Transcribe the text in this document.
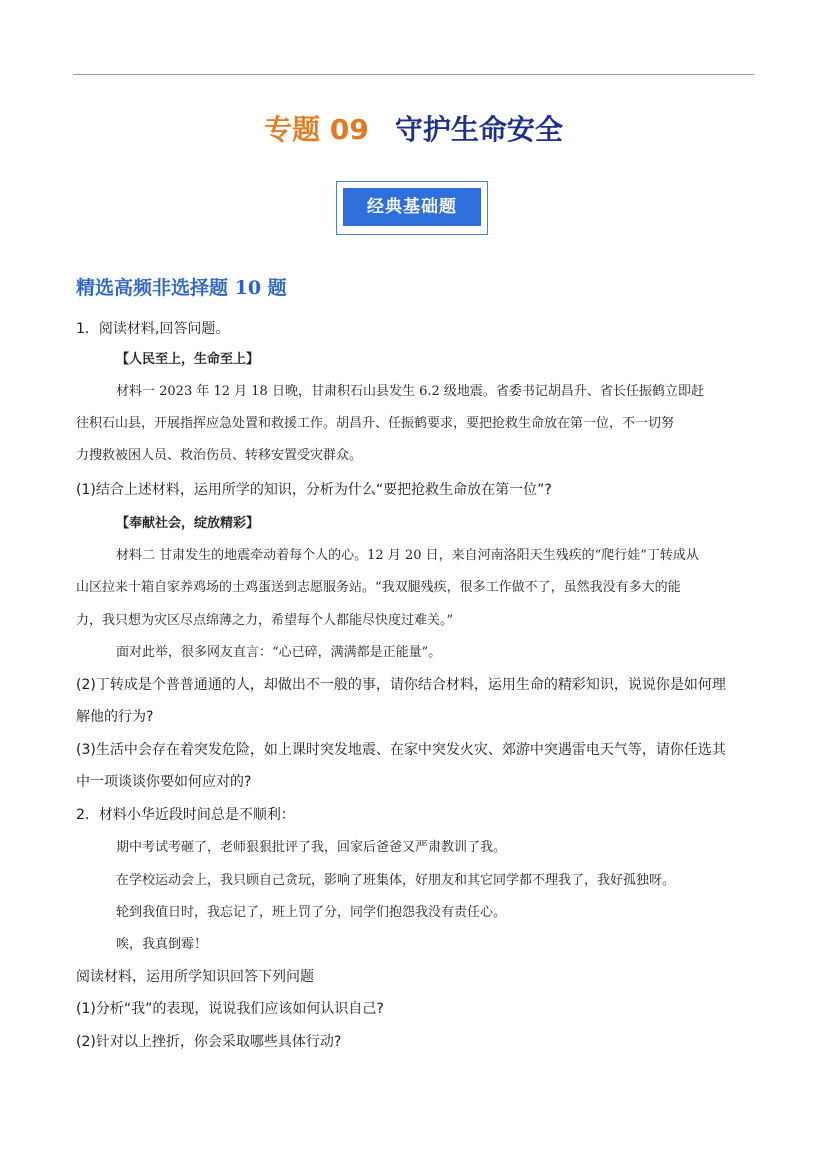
专题 09 守护生命安全
经典基础题
精选高频非选择题 10 题
1．阅读材料,回答问题。
【人民至上，生命至上】
材料一 2023 年 12 月 18 日晚，甘肃积石山县发生 6.2 级地震。省委书记胡昌升、省长任振鹤立即赶
往积石山县，开展指挥应急处置和救援工作。胡昌升、任振鹤要求，要把抢救生命放在第一位，不一切努
力搜救被困人员、救治伤员、转移安置受灾群众。
(1)结合上述材料，运用所学的知识，分析为什么“要把抢救生命放在第一位”?
【奉献社会，绽放精彩】
材料二 甘肃发生的地震牵动着每个人的心。12 月 20 日，来自河南洛阳天生残疾的“爬行娃”丁转成从
山区拉来十箱自家养鸡场的土鸡蛋送到志愿服务站。“我双腿残疾，很多工作做不了，虽然我没有多大的能
力，我只想为灾区尽点绵薄之力，希望每个人都能尽快度过难关。”
面对此举，很多网友直言：“心已碎，满满都是正能量”。
(2)丁转成是个普普通通的人，却做出不一般的事，请你结合材料，运用生命的精彩知识，说说你是如何理
解他的行为?
(3)生活中会存在着突发危险，如上课时突发地震、在家中突发火灾、郊游中突遇雷电天气等，请你任选其
中一项谈谈你要如何应对的?
2．材料小华近段时间总是不顺利：
期中考试考砸了，老师狠狠批评了我，回家后爸爸又严肃教训了我。
在学校运动会上，我只顾自己贪玩，影响了班集体，好朋友和其它同学都不理我了，我好孤独呀。
轮到我值日时，我忘记了，班上罚了分，同学们抱怨我没有责任心。
唉，我真倒霉！
阅读材料，运用所学知识回答下列问题
(1)分析“我”的表现，说说我们应该如何认识自己?
(2)针对以上挫折，你会采取哪些具体行动?
